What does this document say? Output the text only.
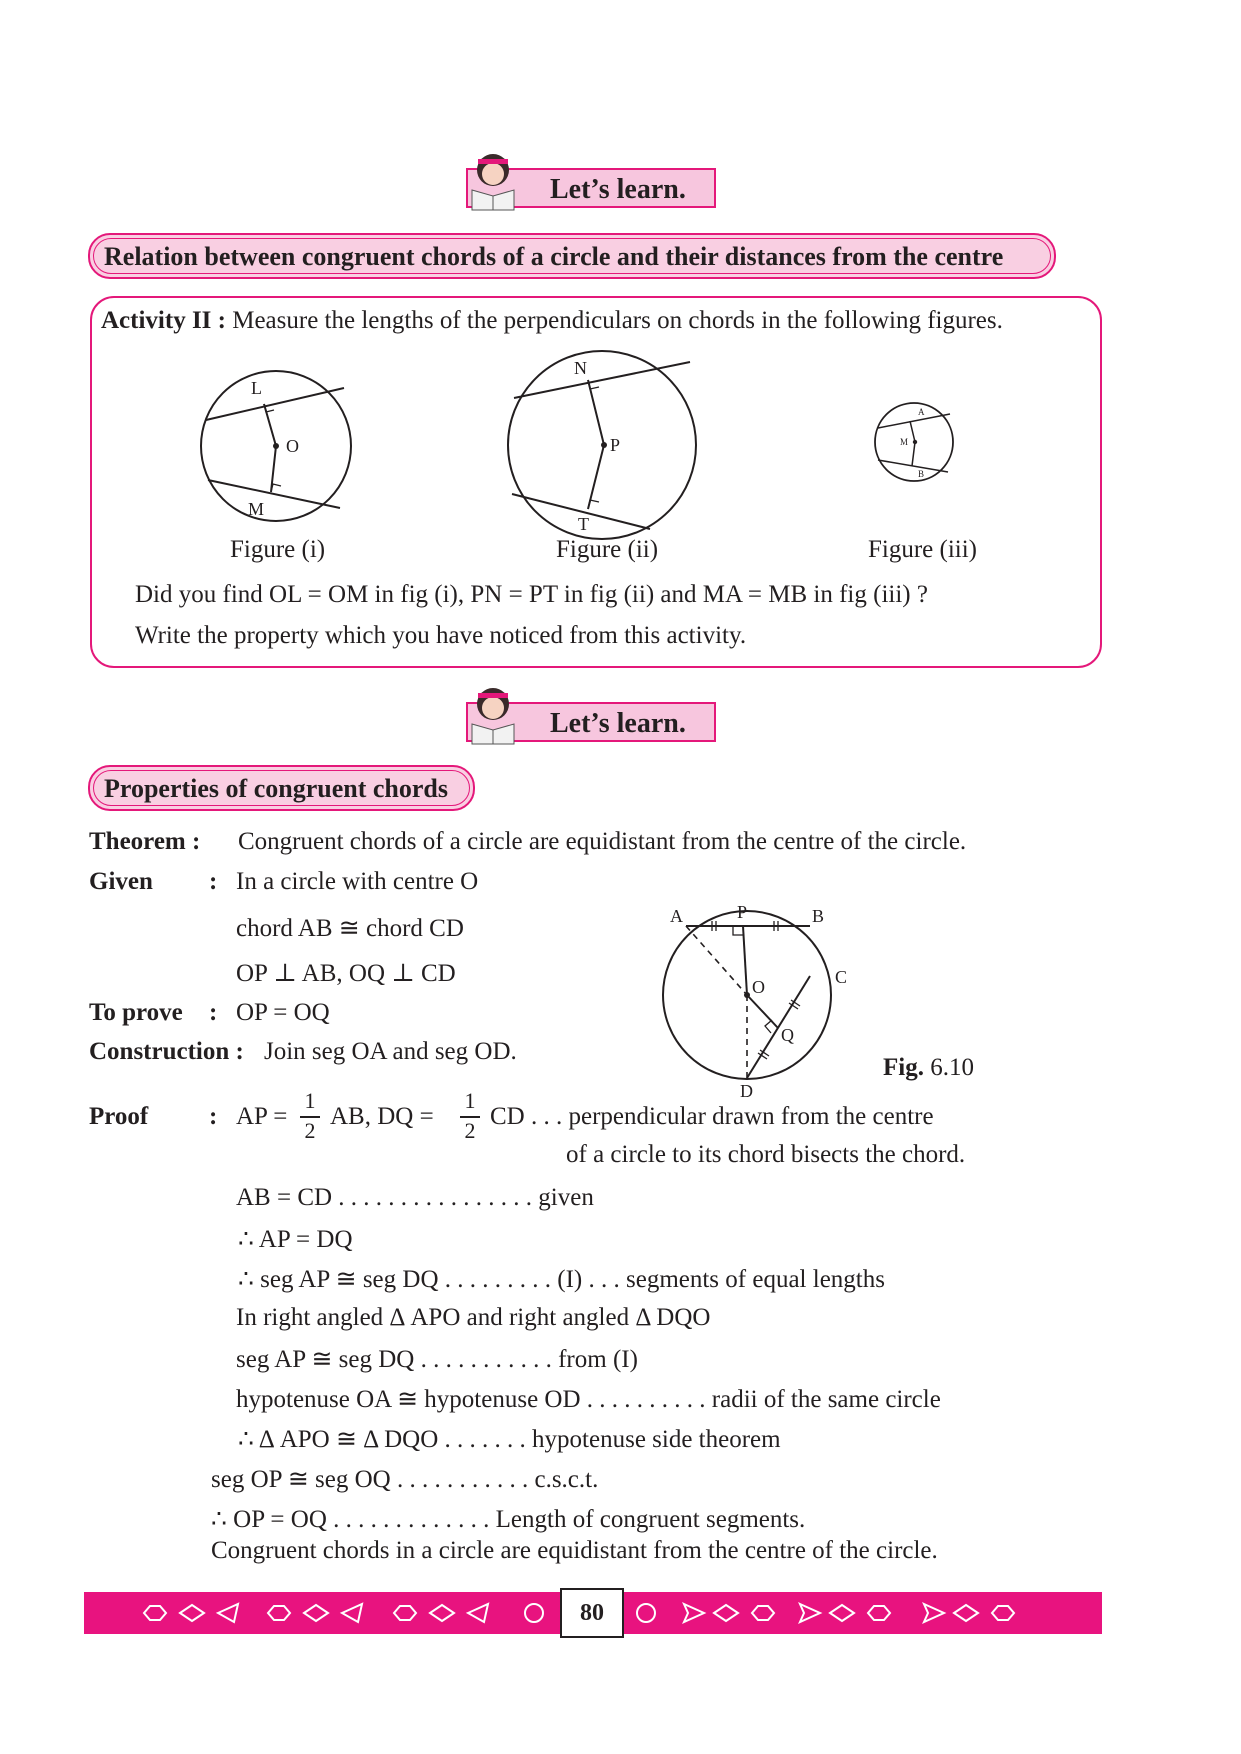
Let’s learn.
Relation between congruent chords of a circle and their distances from the centre
Activity II : Measure the lengths of the perpendiculars on chords in the following figures.
L
O
M
N
P
T
A
M
B
Figure (i)	Figure (ii)	Figure (iii)
Did you find OL = OM in fig (i), PN = PT in fig (ii) and MA = MB in fig (iii) ?
Write the property which you have noticed from this activity.
Let’s learn.
Properties of congruent chords
Theorem : Congruent chords of a circle are equidistant from the centre of the circle.
Given : In a circle with centre O
chord AB ≅ chord CD
OP ⊥ AB, OQ ⊥ CD
To prove : OP = OQ
Construction : Join seg OA and seg OD.
A	P	B
O	C
Q
D
Fig. 6.10
Proof : AP =
1
2
AB, DQ =
1
2
CD . . . perpendicular drawn from the centre
of a circle to its chord bisects the chord.
AB = CD . . . . . . . . . . . . . . . . given
∴ AP = DQ
∴ seg AP ≅ seg DQ . . . . . . . . . (I) . . . segments of equal lengths
In right angled Δ APO and right angled Δ DQO
seg AP ≅ seg DQ . . . . . . . . . . . from (I)
hypotenuse OA ≅ hypotenuse OD . . . . . . . . . . radii of the same circle
∴ Δ APO ≅ Δ DQO . . . . . . . hypotenuse side theorem
seg OP ≅ seg OQ . . . . . . . . . . . c.s.c.t.
∴ OP = OQ . . . . . . . . . . . . . Length of congruent segments.
Congruent chords in a circle are equidistant from the centre of the circle.
80
